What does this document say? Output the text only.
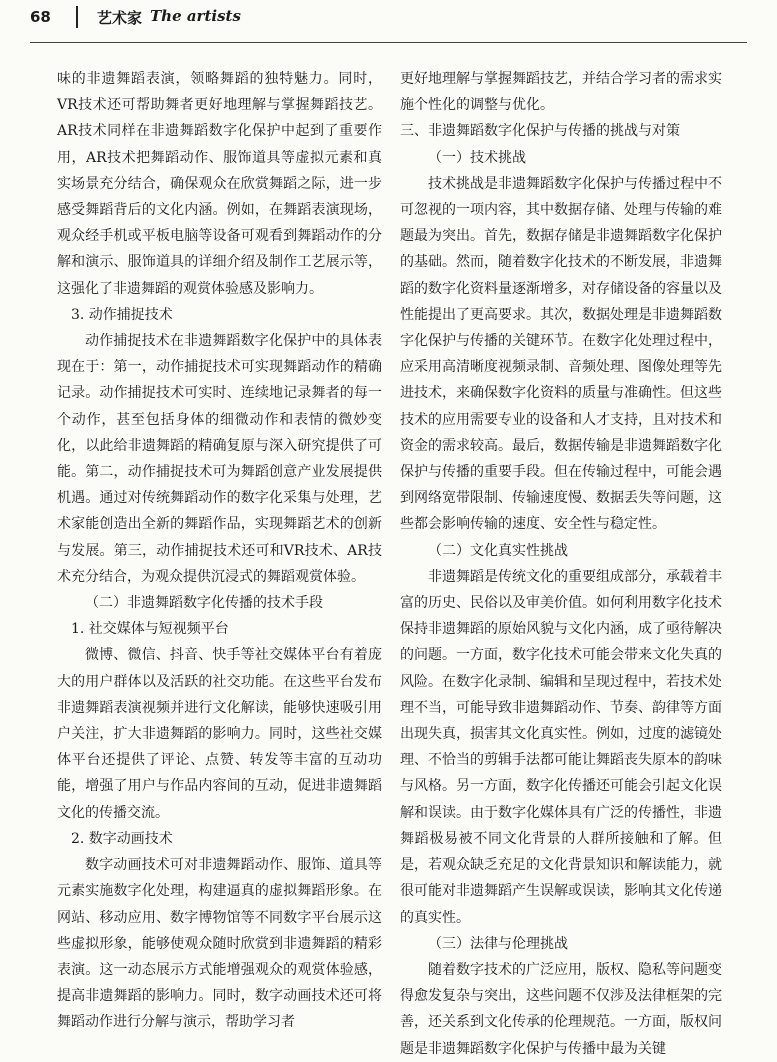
68	艺术家 The artists

味的非遗舞蹈表演，领略舞蹈的独特魅力。同时，VR技术还可帮助舞者更好地理解与掌握舞蹈技艺。AR技术同样在非遗舞蹈数字化保护中起到了重要作用，AR技术把舞蹈动作、服饰道具等虚拟元素和真实场景充分结合，确保观众在欣赏舞蹈之际，进一步感受舞蹈背后的文化内涵。例如，在舞蹈表演现场，观众经手机或平板电脑等设备可观看到舞蹈动作的分解和演示、服饰道具的详细介绍及制作工艺展示等，这强化了非遗舞蹈的观赏体验感及影响力。

3. 动作捕捉技术

动作捕捉技术在非遗舞蹈数字化保护中的具体表现在于：第一，动作捕捉技术可实现舞蹈动作的精确记录。动作捕捉技术可实时、连续地记录舞者的每一个动作，甚至包括身体的细微动作和表情的微妙变化，以此给非遗舞蹈的精确复原与深入研究提供了可能。第二，动作捕捉技术可为舞蹈创意产业发展提供机遇。通过对传统舞蹈动作的数字化采集与处理，艺术家能创造出全新的舞蹈作品，实现舞蹈艺术的创新与发展。第三，动作捕捉技术还可和VR技术、AR技术充分结合，为观众提供沉浸式的舞蹈观赏体验。

（二）非遗舞蹈数字化传播的技术手段

1. 社交媒体与短视频平台

微博、微信、抖音、快手等社交媒体平台有着庞大的用户群体以及活跃的社交功能。在这些平台发布非遗舞蹈表演视频并进行文化解读，能够快速吸引用户关注，扩大非遗舞蹈的影响力。同时，这些社交媒体平台还提供了评论、点赞、转发等丰富的互动功能，增强了用户与作品内容间的互动，促进非遗舞蹈文化的传播交流。

2. 数字动画技术

数字动画技术可对非遗舞蹈动作、服饰、道具等元素实施数字化处理，构建逼真的虚拟舞蹈形象。在网站、移动应用、数字博物馆等不同数字平台展示这些虚拟形象，能够使观众随时欣赏到非遗舞蹈的精彩表演。这一动态展示方式能增强观众的观赏体验感，提高非遗舞蹈的影响力。同时，数字动画技术还可将舞蹈动作进行分解与演示，帮助学习者

更好地理解与掌握舞蹈技艺，并结合学习者的需求实施个性化的调整与优化。

三、非遗舞蹈数字化保护与传播的挑战与对策

（一）技术挑战

技术挑战是非遗舞蹈数字化保护与传播过程中不可忽视的一项内容，其中数据存储、处理与传输的难题最为突出。首先，数据存储是非遗舞蹈数字化保护的基础。然而，随着数字化技术的不断发展，非遗舞蹈的数字化资料量逐渐增多，对存储设备的容量以及性能提出了更高要求。其次，数据处理是非遗舞蹈数字化保护与传播的关键环节。在数字化处理过程中，应采用高清晰度视频录制、音频处理、图像处理等先进技术，来确保数字化资料的质量与准确性。但这些技术的应用需要专业的设备和人才支持，且对技术和资金的需求较高。最后，数据传输是非遗舞蹈数字化保护与传播的重要手段。但在传输过程中，可能会遇到网络宽带限制、传输速度慢、数据丢失等问题，这些都会影响传输的速度、安全性与稳定性。

（二）文化真实性挑战

非遗舞蹈是传统文化的重要组成部分，承载着丰富的历史、民俗以及审美价值。如何利用数字化技术保持非遗舞蹈的原始风貌与文化内涵，成了亟待解决的问题。一方面，数字化技术可能会带来文化失真的风险。在数字化录制、编辑和呈现过程中，若技术处理不当，可能导致非遗舞蹈动作、节奏、韵律等方面出现失真，损害其文化真实性。例如，过度的滤镜处理、不恰当的剪辑手法都可能让舞蹈丧失原本的韵味与风格。另一方面，数字化传播还可能会引起文化误解和误读。由于数字化媒体具有广泛的传播性，非遗舞蹈极易被不同文化背景的人群所接触和了解。但是，若观众缺乏充足的文化背景知识和解读能力，就很可能对非遗舞蹈产生误解或误读，影响其文化传递的真实性。

（三）法律与伦理挑战

随着数字技术的广泛应用，版权、隐私等问题变得愈发复杂与突出，这些问题不仅涉及法律框架的完善，还关系到文化传承的伦理规范。一方面，版权问题是非遗舞蹈数字化保护与传播中最为关键
